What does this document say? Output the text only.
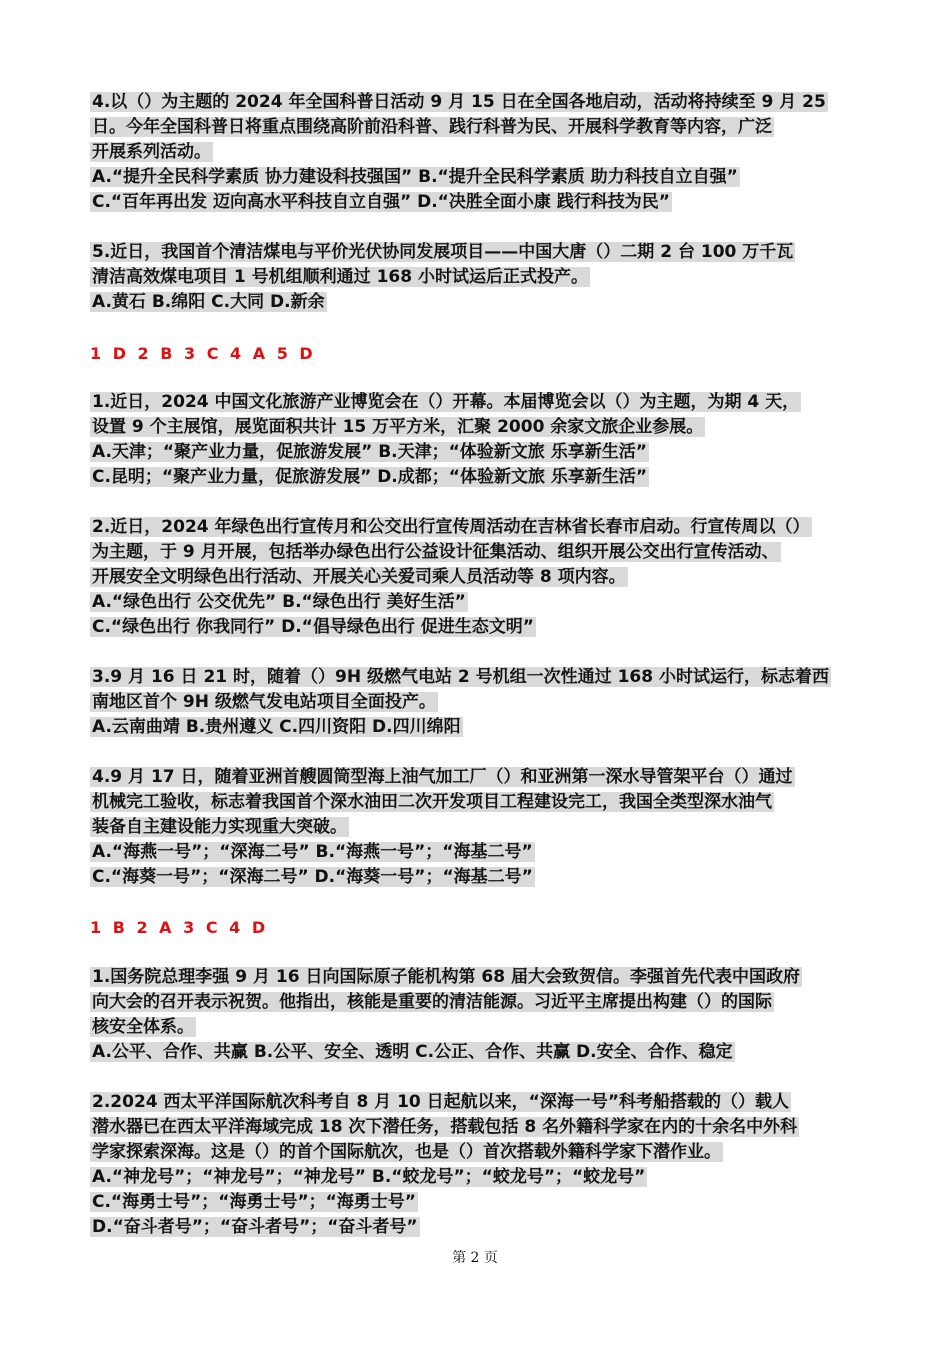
4.以（）为主题的 2024 年全国科普日活动 9 月 15 日在全国各地启动，活动将持续至 9 月 25
日。今年全国科普日将重点围绕高阶前沿科普、践行科普为民、开展科学教育等内容，广泛
开展系列活动。
A.“提升全民科学素质 协力建设科技强国” B.“提升全民科学素质 助力科技自立自强”
C.“百年再出发 迈向高水平科技自立自强” D.“决胜全面小康 践行科技为民”
5.近日，我国首个清洁煤电与平价光伏协同发展项目——中国大唐（）二期 2 台 100 万千瓦
清洁高效煤电项目 1 号机组顺利通过 168 小时试运后正式投产。
A.黄石 B.绵阳 C.大同 D.新余
1 D 2 B 3 C 4 A 5 D
1.近日，2024 中国文化旅游产业博览会在（）开幕。本届博览会以（）为主题，为期 4 天，
设置 9 个主展馆，展览面积共计 15 万平方米，汇聚 2000 余家文旅企业参展。
A.天津；“聚产业力量，促旅游发展” B.天津；“体验新文旅 乐享新生活”
C.昆明；“聚产业力量，促旅游发展” D.成都；“体验新文旅 乐享新生活”
2.近日，2024 年绿色出行宣传月和公交出行宣传周活动在吉林省长春市启动。行宣传周以（）
为主题，于 9 月开展，包括举办绿色出行公益设计征集活动、组织开展公交出行宣传活动、
开展安全文明绿色出行活动、开展关心关爱司乘人员活动等 8 项内容。
A.“绿色出行 公交优先” B.“绿色出行 美好生活”
C.“绿色出行 你我同行” D.“倡导绿色出行 促进生态文明”
3.9 月 16 日 21 时，随着（）9H 级燃气电站 2 号机组一次性通过 168 小时试运行，标志着西
南地区首个 9H 级燃气发电站项目全面投产。
A.云南曲靖 B.贵州遵义 C.四川资阳 D.四川绵阳
4.9 月 17 日，随着亚洲首艘圆筒型海上油气加工厂（）和亚洲第一深水导管架平台（）通过
机械完工验收，标志着我国首个深水油田二次开发项目工程建设完工，我国全类型深水油气
装备自主建设能力实现重大突破。
A.“海燕一号”；“深海二号” B.“海燕一号”；“海基二号”
C.“海葵一号”；“深海二号” D.“海葵一号”；“海基二号”
1 B 2 A 3 C 4 D
1.国务院总理李强 9 月 16 日向国际原子能机构第 68 届大会致贺信。李强首先代表中国政府
向大会的召开表示祝贺。他指出，核能是重要的清洁能源。习近平主席提出构建（）的国际
核安全体系。
A.公平、合作、共赢 B.公平、安全、透明 C.公正、合作、共赢 D.安全、合作、稳定
2.2024 西太平洋国际航次科考自 8 月 10 日起航以来，“深海一号”科考船搭载的（）载人
潜水器已在西太平洋海域完成 18 次下潜任务，搭载包括 8 名外籍科学家在内的十余名中外科
学家探索深海。这是（）的首个国际航次，也是（）首次搭载外籍科学家下潜作业。
A.“神龙号”；“神龙号”；“神龙号” B.“蛟龙号”；“蛟龙号”；“蛟龙号”
C.“海勇士号”；“海勇士号”；“海勇士号”
D.“奋斗者号”；“奋斗者号”；“奋斗者号”
第 2 页
